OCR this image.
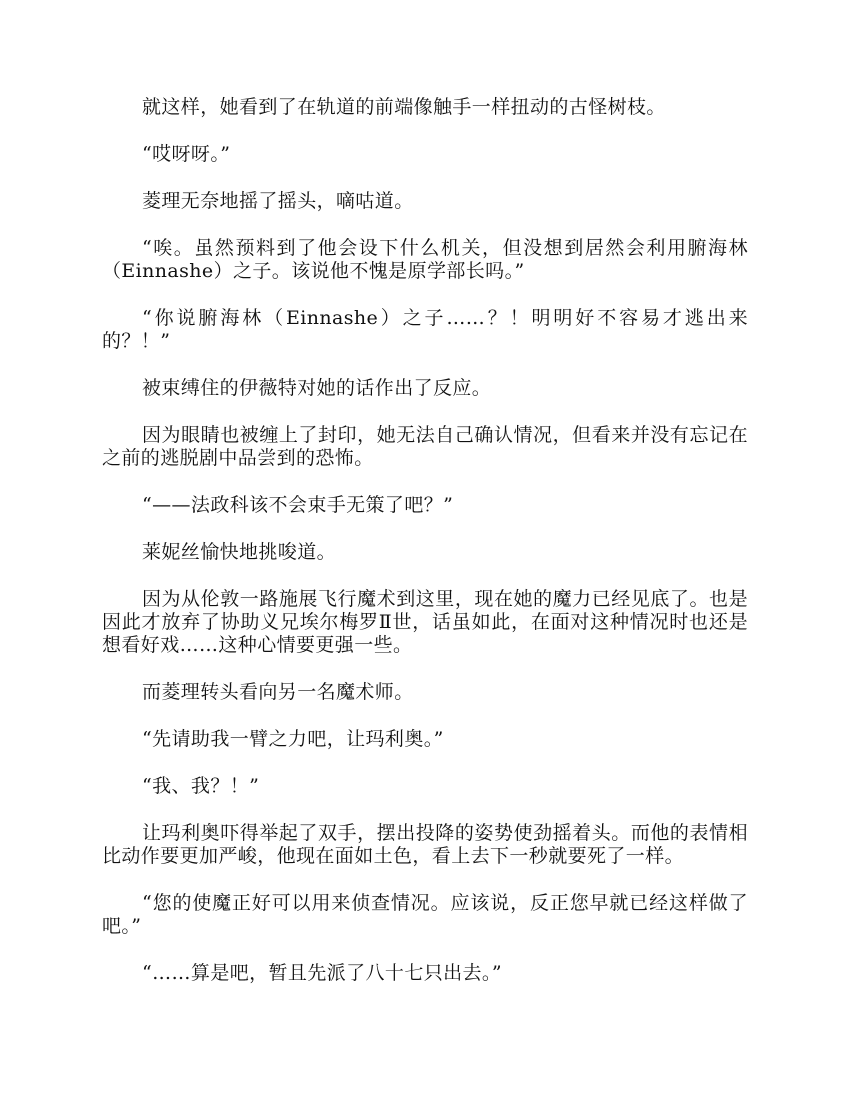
就这样，她看到了在轨道的前端像触手一样扭动的古怪树枝。

“哎呀呀。”

菱理无奈地摇了摇头，嘀咕道。

“唉。虽然预料到了他会设下什么机关，但没想到居然会利用腑海林（Einnashe）之子。该说他不愧是原学部长吗。”

“你说腑海林（Einnashe）之子……？！明明好不容易才逃出来的？！”

被束缚住的伊薇特对她的话作出了反应。

因为眼睛也被缠上了封印，她无法自己确认情况，但看来并没有忘记在之前的逃脱剧中品尝到的恐怖。

“——法政科该不会束手无策了吧？”

莱妮丝愉快地挑唆道。

因为从伦敦一路施展飞行魔术到这里，现在她的魔力已经见底了。也是因此才放弃了协助义兄埃尔梅罗Ⅱ世，话虽如此，在面对这种情况时也还是想看好戏……这种心情要更强一些。

而菱理转头看向另一名魔术师。

“先请助我一臂之力吧，让玛利奥。”

“我、我？！”

让玛利奥吓得举起了双手，摆出投降的姿势使劲摇着头。而他的表情相比动作要更加严峻，他现在面如土色，看上去下一秒就要死了一样。

“您的使魔正好可以用来侦查情况。应该说，反正您早就已经这样做了吧。”

“……算是吧，暂且先派了八十七只出去。”
